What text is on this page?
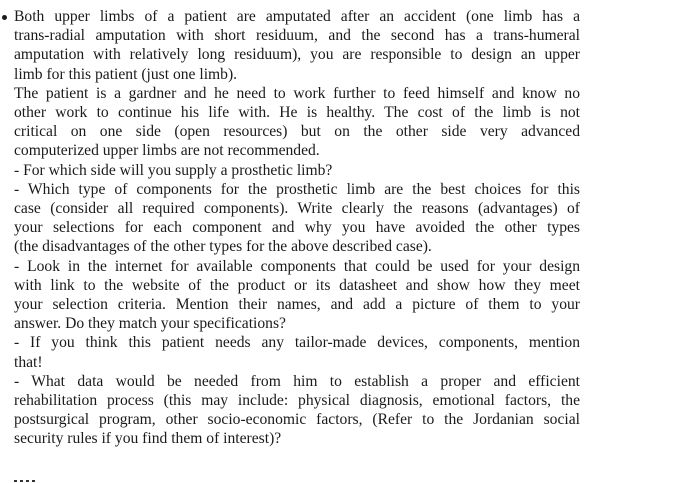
Both upper limbs of a patient are amputated after an accident (one limb has a
trans-radial amputation with short residuum, and the second has a trans-humeral
amputation with relatively long residuum), you are responsible to design an upper
limb for this patient (just one limb).
The patient is a gardner and he need to work further to feed himself and know no
other work to continue his life with. He is healthy. The cost of the limb is not
critical on one side (open resources) but on the other side very advanced
computerized upper limbs are not recommended.
- For which side will you supply a prosthetic limb?
- Which type of components for the prosthetic limb are the best choices for this
case (consider all required components). Write clearly the reasons (advantages) of
your selections for each component and why you have avoided the other types
(the disadvantages of the other types for the above described case).
- Look in the internet for available components that could be used for your design
with link to the website of the product or its datasheet and show how they meet
your selection criteria. Mention their names, and add a picture of them to your
answer. Do they match your specifications?
- If you think this patient needs any tailor-made devices, components, mention
that!
- What data would be needed from him to establish a proper and efficient
rehabilitation process (this may include: physical diagnosis, emotional factors, the
postsurgical program, other socio-economic factors, (Refer to the Jordanian social
security rules if you find them of interest)?
